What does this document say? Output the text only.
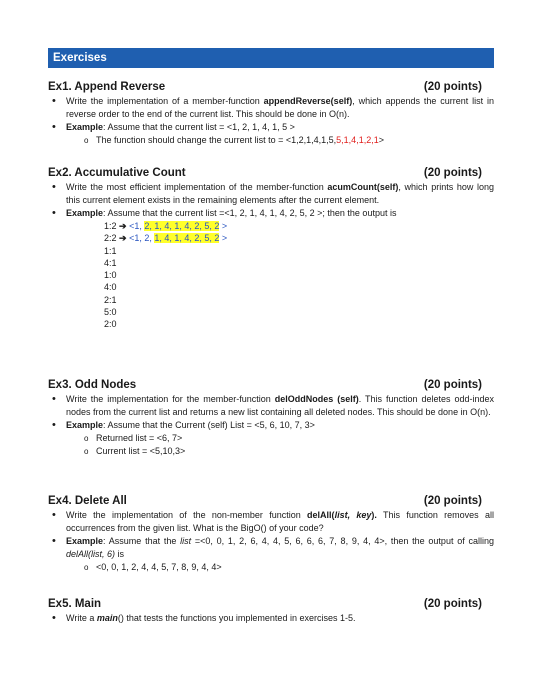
Exercises
Ex1. Append Reverse	(20 points)
• Write the implementation of a member-function appendReverse(self), which appends the current list in reverse order to the end of the current list. This should be done in O(n).
• Example: Assume that the current list = <1, 2, 1, 4, 1, 5 >
o The function should change the current list to = <1,2,1,4,1,5,5,1,4,1,2,1>
Ex2. Accumulative Count	(20 points)
• Write the most efficient implementation of the member-function acumCount(self), which prints how long this current element exists in the remaining elements after the current element.
• Example: Assume that the current list =<1, 2, 1, 4, 1, 4, 2, 5, 2 >; then the output is
1:2 ➔ <1, 2, 1, 4, 1, 4, 2, 5, 2 >
2:2 ➔ <1, 2, 1, 4, 1, 4, 2, 5, 2 >
1:1
4:1
1:0
4:0
2:1
5:0
2:0
Ex3. Odd Nodes	(20 points)
• Write the implementation for the member-function delOddNodes (self). This function deletes odd-index nodes from the current list and returns a new list containing all deleted nodes. This should be done in O(n).
• Example: Assume that the Current (self) List = <5, 6, 10, 7, 3>
o Returned list = <6, 7>
o Current list = <5,10,3>
Ex4. Delete All	(20 points)
• Write the implementation of the non-member function delAll(list, key). This function removes all occurrences from the given list. What is the BigO() of your code?
• Example: Assume that the list =<0, 0, 1, 2, 6, 4, 4, 5, 6, 6, 6, 7, 8, 9, 4, 4>, then the output of calling delAll(list, 6) is
o <0, 0, 1, 2, 4, 4, 5, 7, 8, 9, 4, 4>
Ex5. Main	(20 points)
• Write a main() that tests the functions you implemented in exercises 1-5.
